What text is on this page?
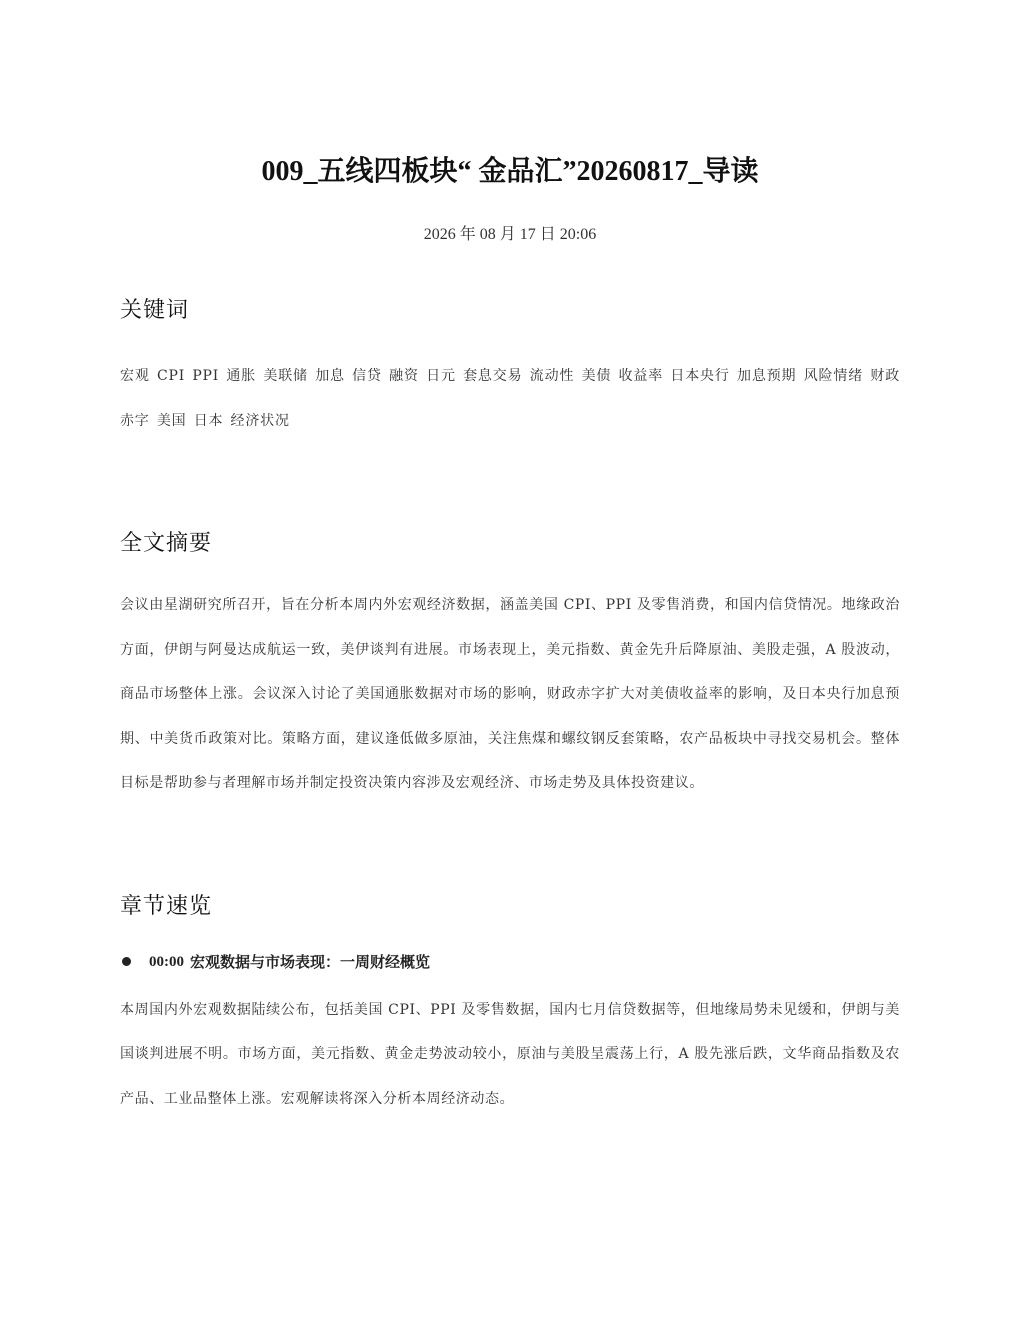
009_五线四板块“ 金品汇”20260817_导读
2026 年 08 月 17 日 20:06
关键词

宏观 CPI PPI 通胀 美联储 加息 信贷 融资 日元 套息交易 流动性 美债 收益率 日本央行 加息预期 风险情绪 财政赤字 美国 日本 经济状况

全文摘要

会议由星湖研究所召开，旨在分析本周内外宏观经济数据，涵盖美国 CPI、PPI 及零售消费，和国内信贷情况。地缘政治方面，伊朗与阿曼达成航运一致，美伊谈判有进展。市场表现上，美元指数、黄金先升后降原油、美股走强，A 股波动，商品市场整体上涨。会议深入讨论了美国通胀数据对市场的影响，财政赤字扩大对美债收益率的影响，及日本央行加息预期、中美货币政策对比。策略方面，建议逢低做多原油，关注焦煤和螺纹钢反套策略，农产品板块中寻找交易机会。整体目标是帮助参与者理解市场并制定投资决策内容涉及宏观经济、市场走势及具体投资建议。

章节速览
00:00 宏观数据与市场表现：一周财经概览

本周国内外宏观数据陆续公布，包括美国 CPI、PPI 及零售数据，国内七月信贷数据等，但地缘局势未见缓和，伊朗与美国谈判进展不明。市场方面，美元指数、黄金走势波动较小，原油与美股呈震荡上行，A 股先涨后跌，文华商品指数及农产品、工业品整体上涨。宏观解读将深入分析本周经济动态。
